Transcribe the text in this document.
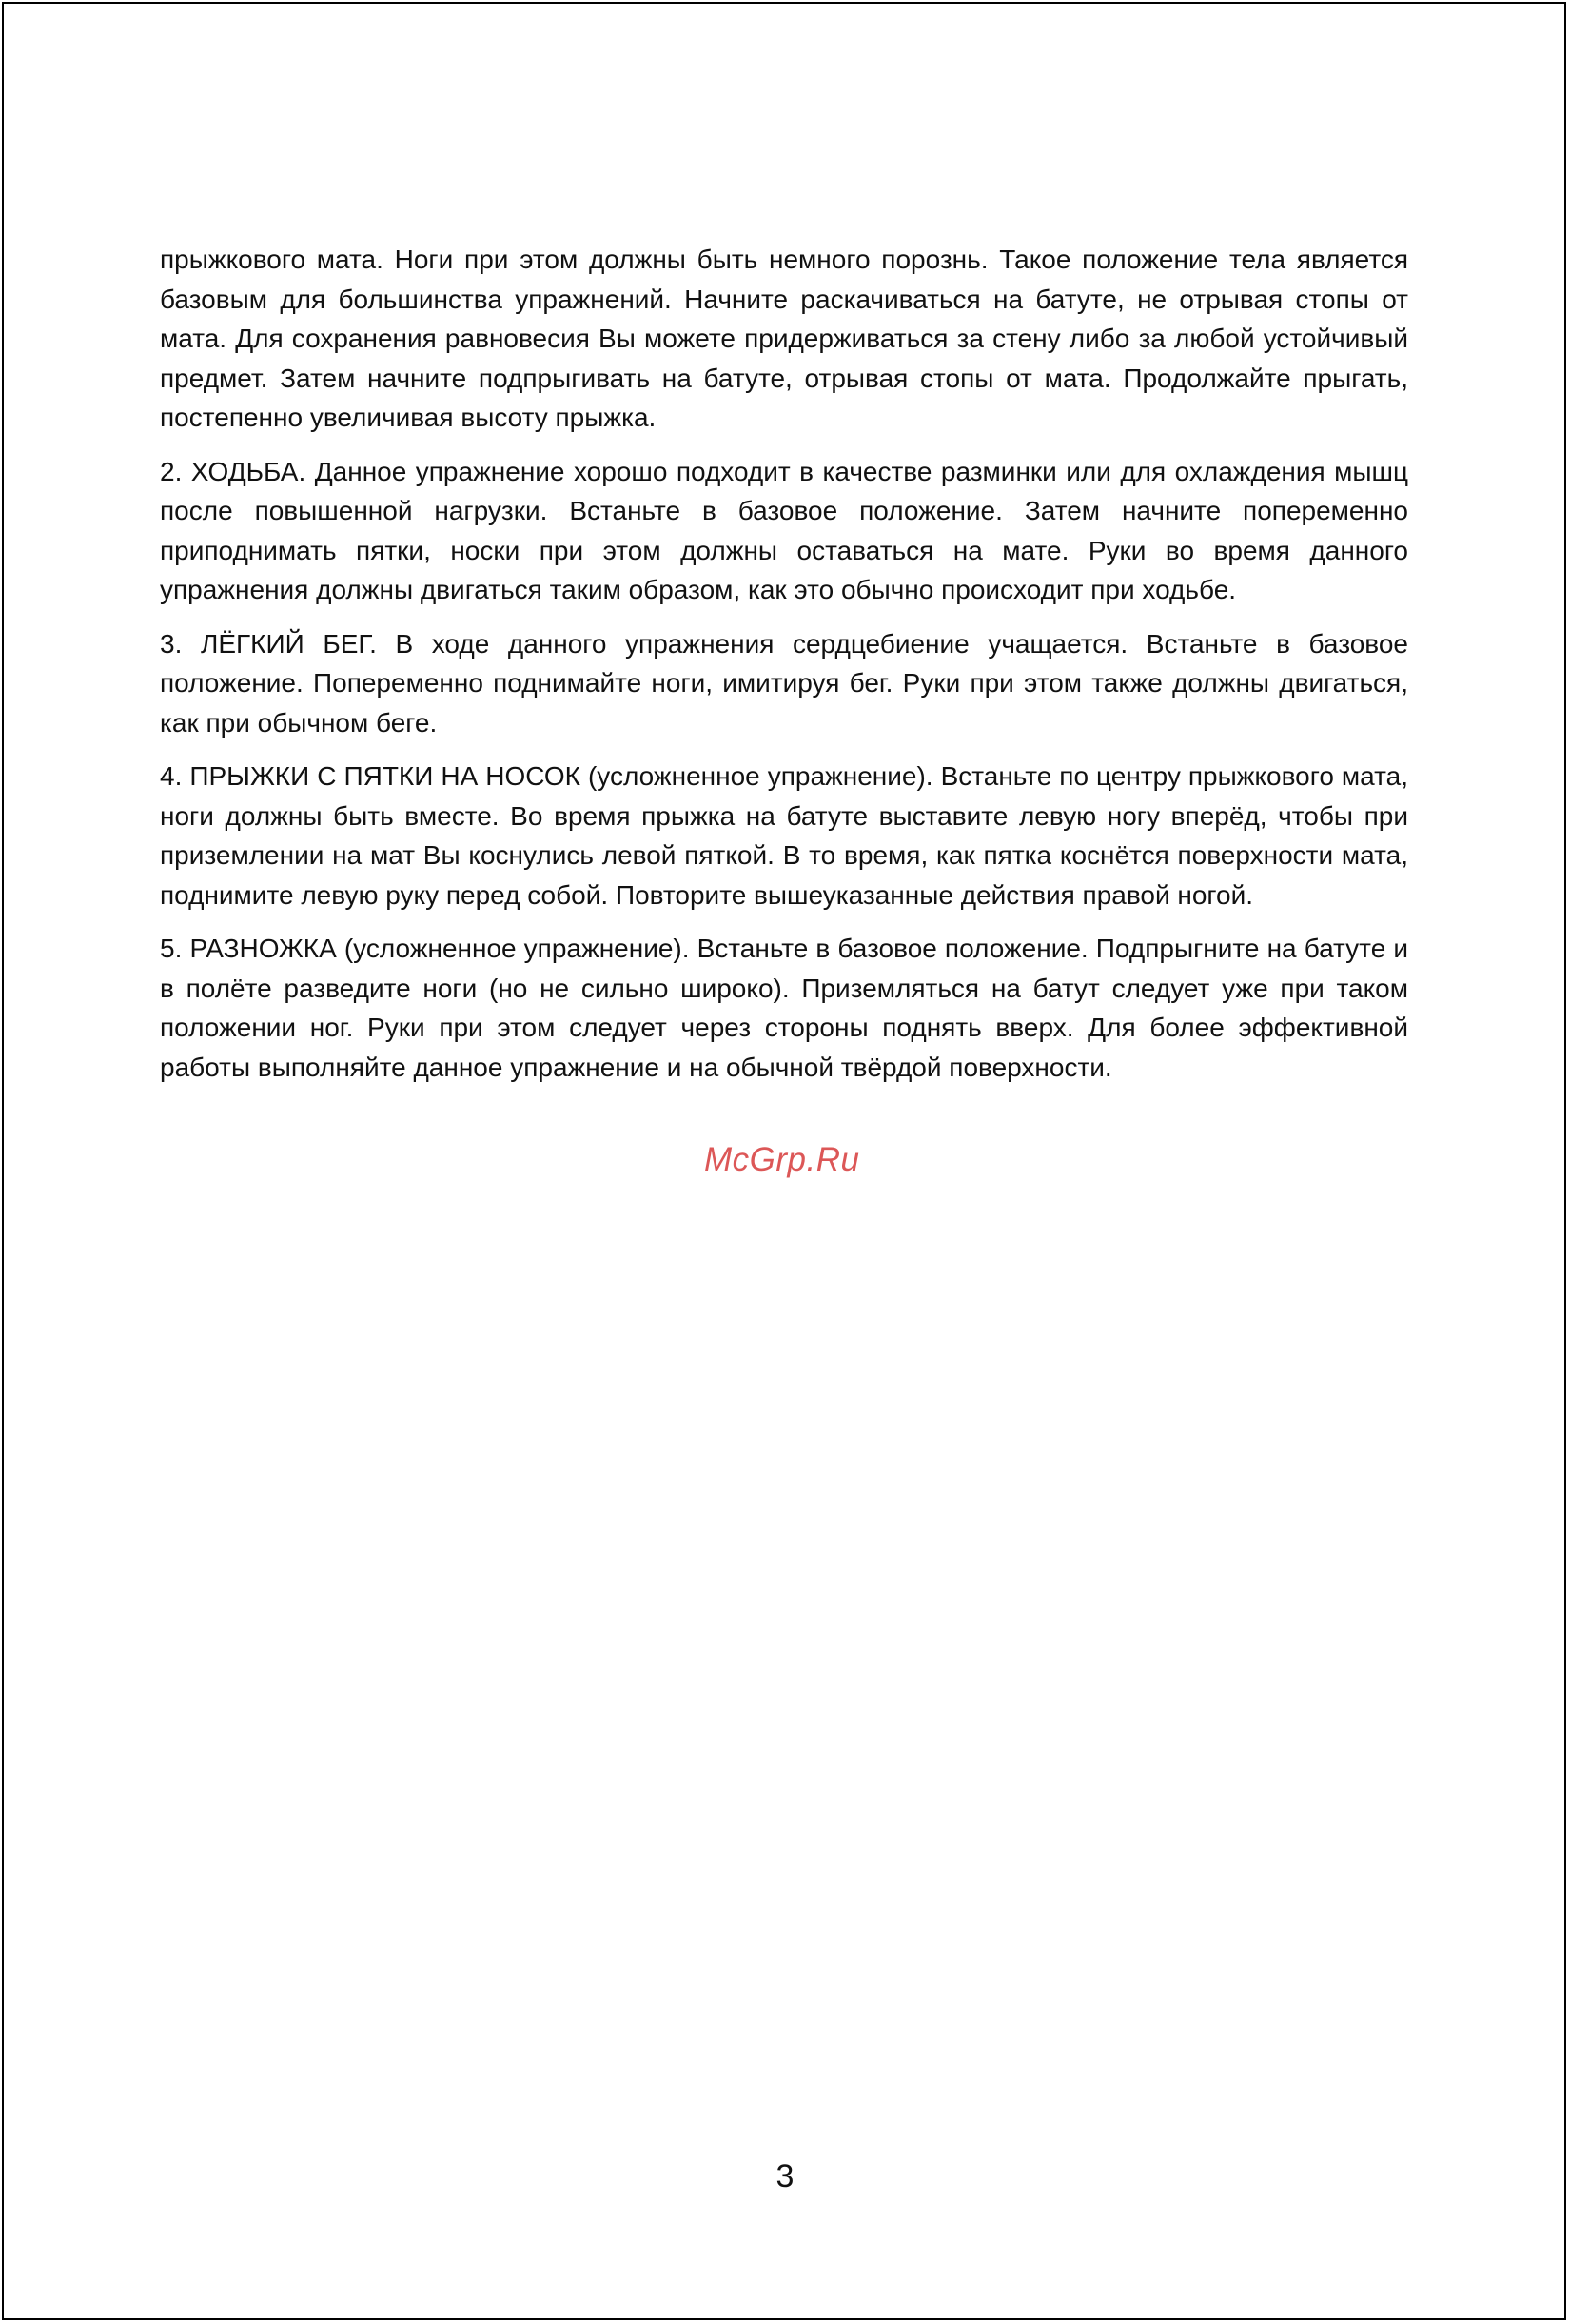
прыжкового мата. Ноги при этом должны быть немного порознь. Такое положение тела является базовым для большинства упражнений. Начните раскачиваться на батуте, не отрывая стопы от мата. Для сохранения равновесия Вы можете придерживаться за стену либо за любой устойчивый предмет. Затем начните подпрыгивать на батуте, отрывая стопы от мата. Продолжайте прыгать, постепенно увеличивая высоту прыжка.

2. ХОДЬБА. Данное упражнение хорошо подходит в качестве разминки или для охлаждения мышц после повышенной нагрузки. Встаньте в базовое положение. Затем начните попеременно приподнимать пятки, носки при этом должны оставаться на мате. Руки во время данного упражнения должны двигаться таким образом, как это обычно происходит при ходьбе.

3. ЛЁГКИЙ БЕГ. В ходе данного упражнения сердцебиение учащается. Встаньте в базовое положение. Попеременно поднимайте ноги, имитируя бег. Руки при этом также должны двигаться, как при обычном беге.

4. ПРЫЖКИ С ПЯТКИ НА НОСОК (усложненное упражнение). Встаньте по центру прыжкового мата, ноги должны быть вместе. Во время прыжка на батуте выставите левую ногу вперёд, чтобы при приземлении на мат Вы коснулись левой пяткой. В то время, как пятка коснётся поверхности мата, поднимите левую руку перед собой. Повторите вышеуказанные действия правой ногой.

5. РАЗНОЖКА (усложненное упражнение). Встаньте в базовое положение. Подпрыгните на батуте и в полёте разведите ноги (но не сильно широко). Приземляться на батут следует уже при таком положении ног. Руки при этом следует через стороны поднять вверх. Для более эффективной работы выполняйте данное упражнение и на обычной твёрдой поверхности.

McGrp.Ru
3
